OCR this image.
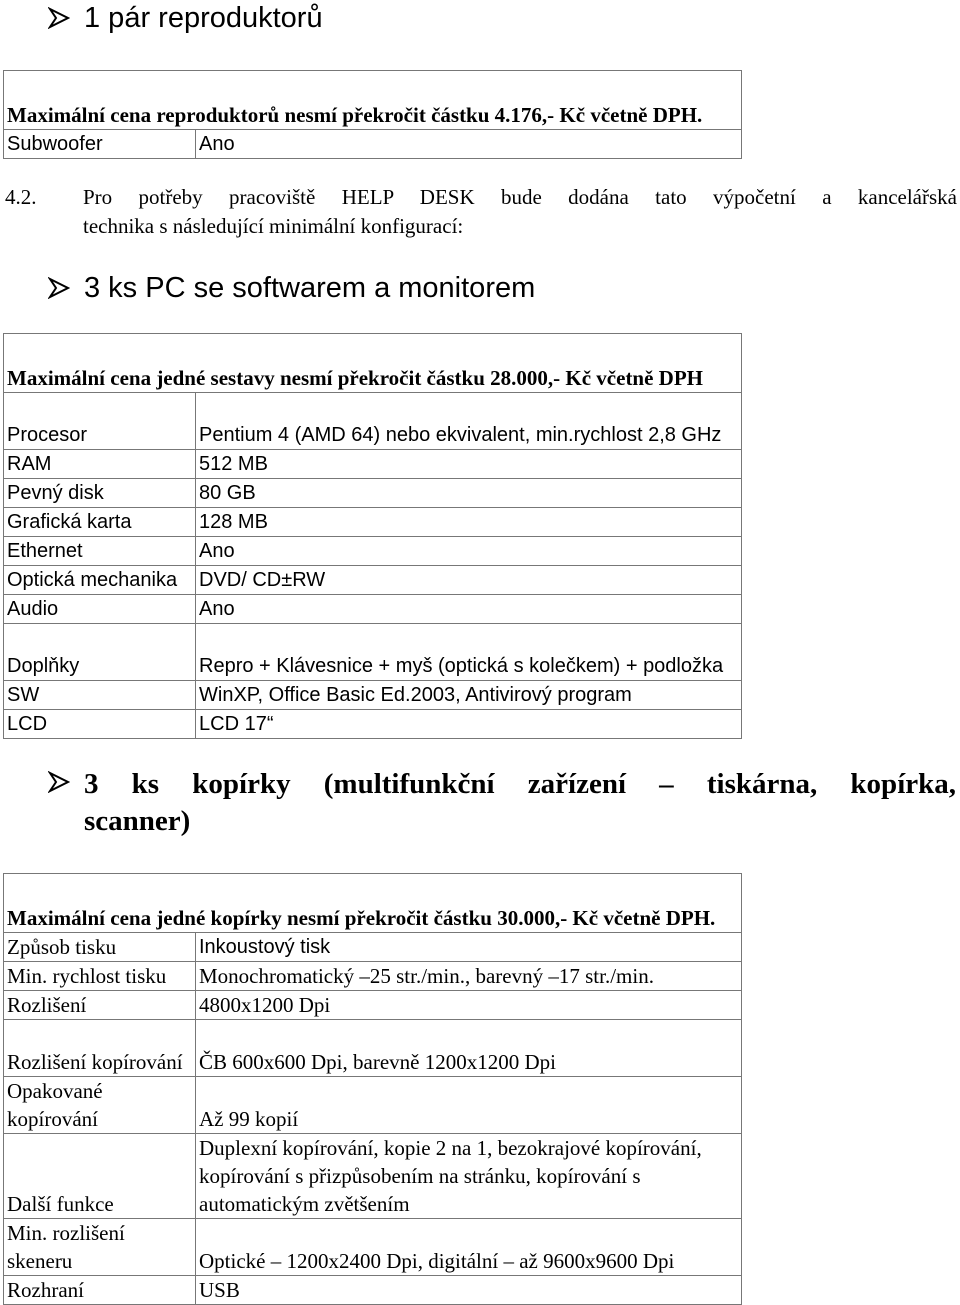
1 pár reproduktorů
Maximální cena reproduktorů nesmí překročit částku 4.176,- Kč včetně DPH.
Subwoofer	Ano
4.2. Pro potřeby pracoviště HELP DESK bude dodána tato výpočetní a kancelářská
technika s následující minimální konfigurací:
3 ks PC se softwarem a monitorem
Maximální cena jedné sestavy nesmí překročit částku 28.000,- Kč včetně DPH	
Procesor	Pentium 4 (AMD 64) nebo ekvivalent, min.rychlost 2,8 GHz
RAM	512 MB
Pevný disk	80 GB
Grafická karta	128 MB
Ethernet	Ano
Optická mechanika	DVD/ CD±RW
Audio	Ano
Doplňky	Repro + Klávesnice + myš (optická s kolečkem) + podložka
SW	WinXP, Office Basic Ed.2003, Antivirový program
LCD	LCD 17“
3 ks kopírky (multifunkční zařízení – tiskárna, kopírka,
scanner)
Maximální cena jedné kopírky nesmí překročit částku 30.000,- Kč včetně DPH.	
Způsob tisku	Inkoustový tisk
Min. rychlost tisku	Monochromatický –25 str./min., barevný –17 str./min.
Rozlišení	4800x1200 Dpi
Rozlišení kopírování	ČB 600x600 Dpi, barevně 1200x1200 Dpi
Opakované kopírování	Až 99 kopií
Další funkce	Duplexní kopírování, kopie 2 na 1, bezokrajové kopírování, kopírování s přizpůsobením na stránku, kopírování s automatickým zvětšením
Min. rozlišení skeneru	Optické – 1200x2400 Dpi, digitální – až 9600x9600 Dpi
Rozhraní	USB
